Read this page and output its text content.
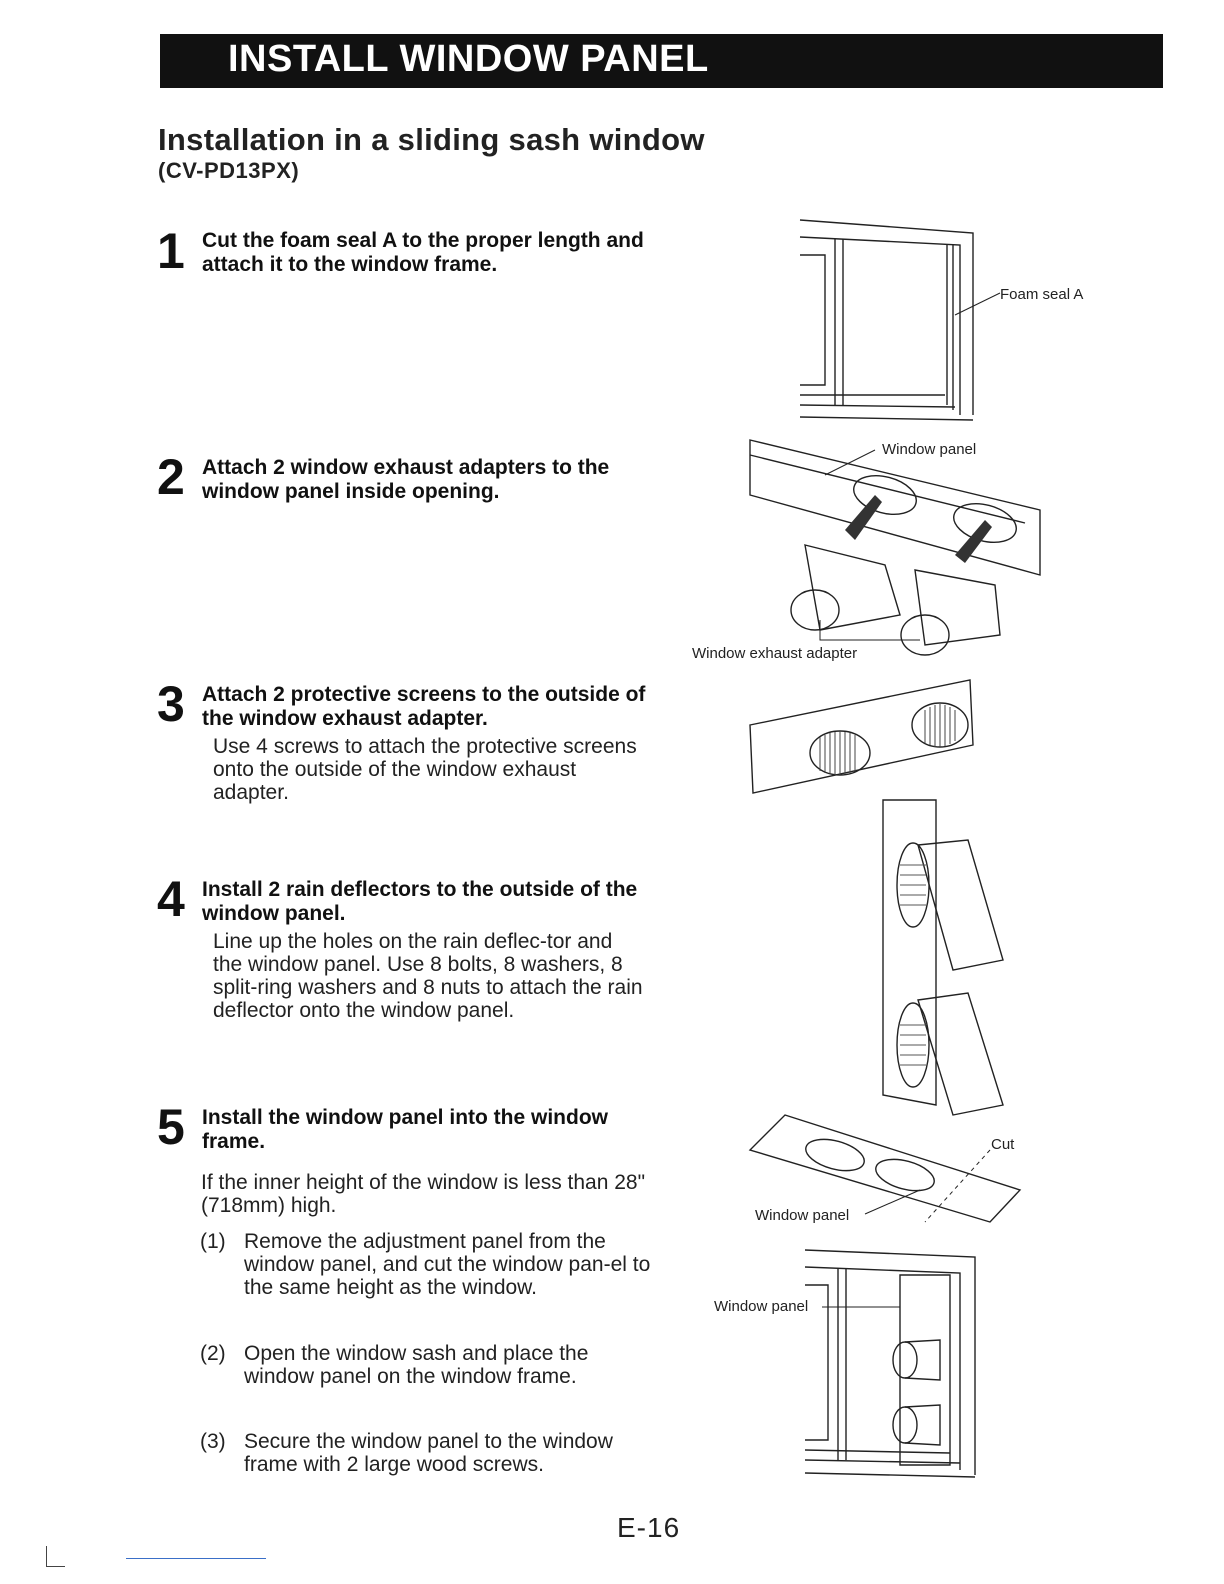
INSTALL WINDOW PANEL
Installation in a sliding sash window
(CV-PD13PX)
1 Cut the foam seal A to the proper length and attach it to the window frame.
2 Attach 2 window exhaust adapters to the window panel inside opening.
3 Attach 2 protective screens to the outside of the window exhaust adapter.
Use 4 screws to attach the protective screens onto the outside of the window exhaust adapter.
4 Install 2 rain deflectors to the outside of the window panel.
Line up the holes on the rain deflec-tor and the window panel. Use 8 bolts, 8 washers, 8 split-ring washers and 8 nuts to attach the rain deflector onto the window panel.
5 Install the window panel into the window frame.
If the inner height of the window is less than 28" (718mm) high.
(1) Remove the adjustment panel from the window panel, and cut the window pan-el to the same height as the window.
(2) Open the window sash and place the window panel on the window frame.
(3) Secure the window panel to the window frame with 2 large wood screws.
Foam seal A
Window panel
Window exhaust adapter
Cut
Window panel
Window panel
E-16
